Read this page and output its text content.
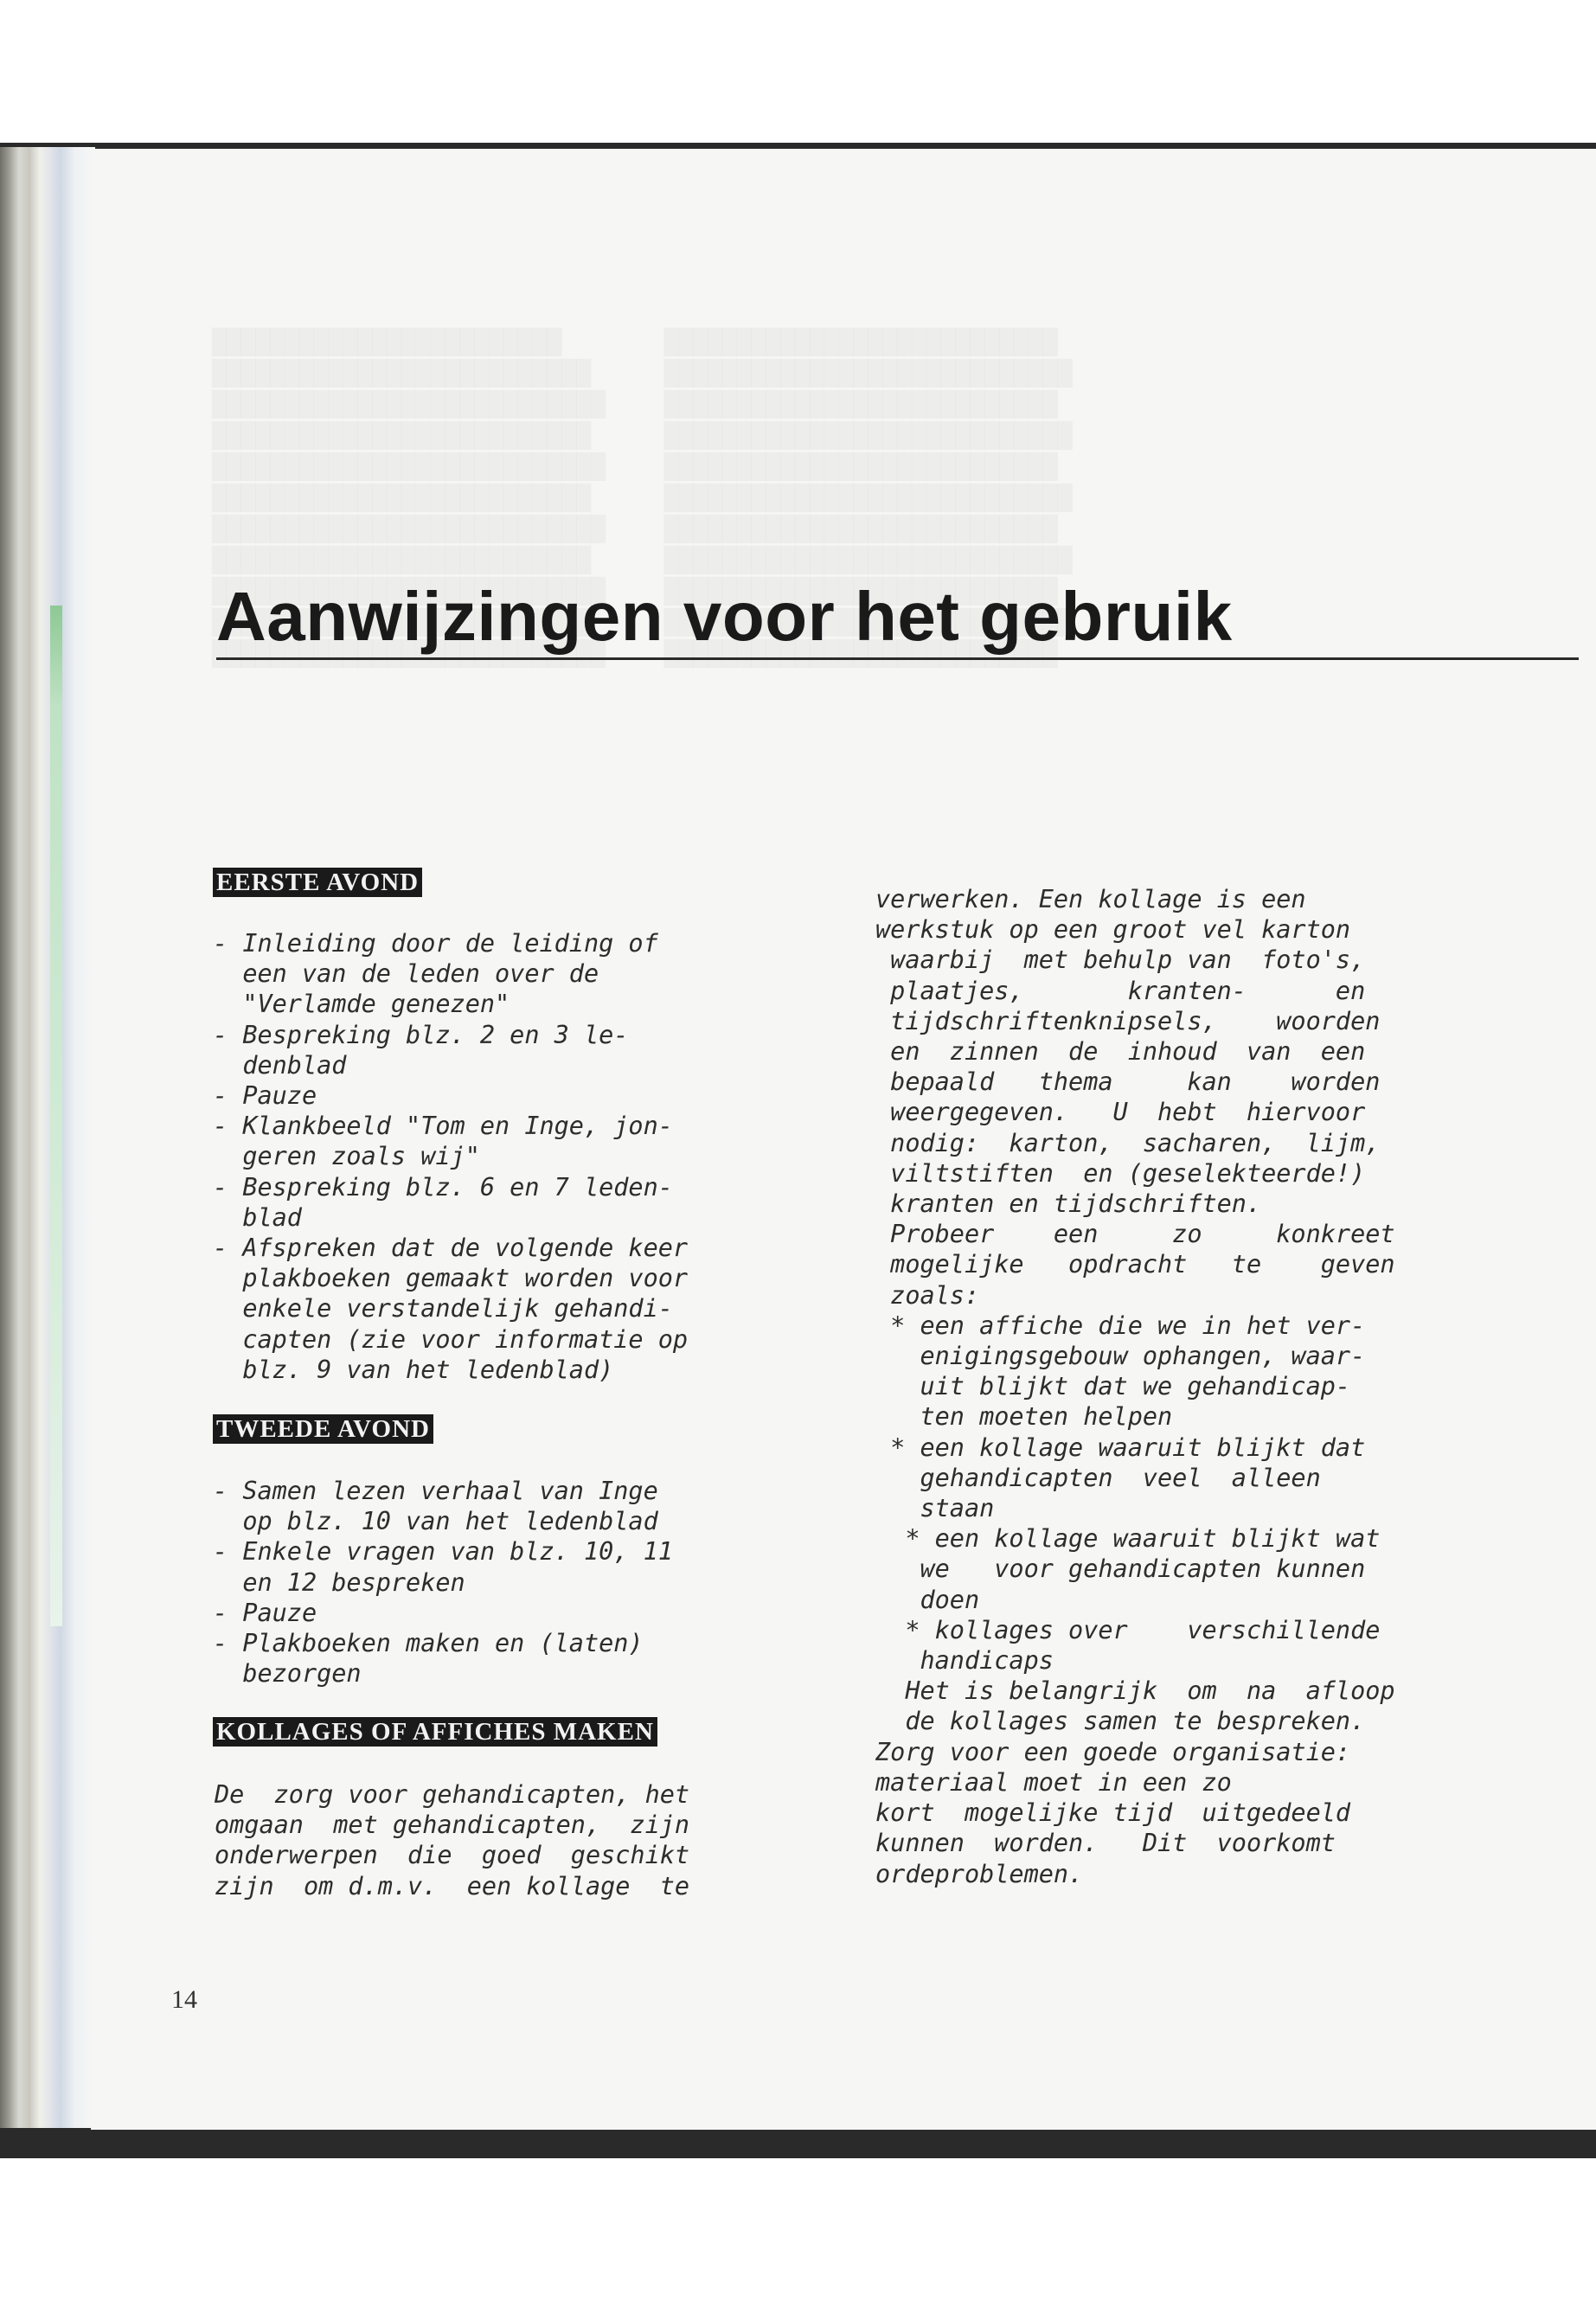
Aanwijzingen voor het gebruik
EERSTE AVOND

- Inleiding door de leiding of

een van de leden over de

"Verlamde genezen"

- Bespreking blz. 2 en 3 le-

denblad

- Pauze

- Klankbeeld "Tom en Inge, jon-

geren zoals wij"

- Bespreking blz. 6 en 7 leden-

blad

- Afspreken dat de volgende keer

plakboeken gemaakt worden voor

enkele verstandelijk gehandi-

capten (zie voor informatie op

blz. 9 van het ledenblad)

TWEEDE AVOND

- Samen lezen verhaal van Inge

op blz. 10 van het ledenblad

- Enkele vragen van blz. 10, 11

en 12 bespreken

- Pauze

- Plakboeken maken en (laten)

bezorgen

KOLLAGES OF AFFICHES MAKEN

De  zorg voor gehandicapten, het

omgaan  met gehandicapten,  zijn

onderwerpen  die  goed  geschikt

zijn  om d.m.v.  een kollage  te

verwerken. Een kollage is een

werkstuk op een groot vel karton

waarbij  met behulp van  foto's,

plaatjes,       kranten-      en

tijdschriftenknipsels,    woorden

en  zinnen  de  inhoud  van  een

bepaald   thema     kan    worden

weergegeven.   U  hebt  hiervoor

nodig:  karton,  sacharen,  lijm,

viltstiften  en (geselekteerde!)

kranten en tijdschriften.

Probeer    een     zo     konkreet

mogelijke   opdracht   te    geven

zoals:

* een affiche die we in het ver-

enigingsgebouw ophangen, waar-

uit blijkt dat we gehandicap-

ten moeten helpen

* een kollage waaruit blijkt dat

gehandicapten  veel  alleen

staan

* een kollage waaruit blijkt wat

we   voor gehandicapten kunnen

doen

* kollages over    verschillende

handicaps

Het is belangrijk  om  na  afloop

de kollages samen te bespreken.

Zorg voor een goede organisatie:

materiaal moet in een zo

kort  mogelijke tijd  uitgedeeld

kunnen  worden.   Dit  voorkomt

ordeproblemen.

14
